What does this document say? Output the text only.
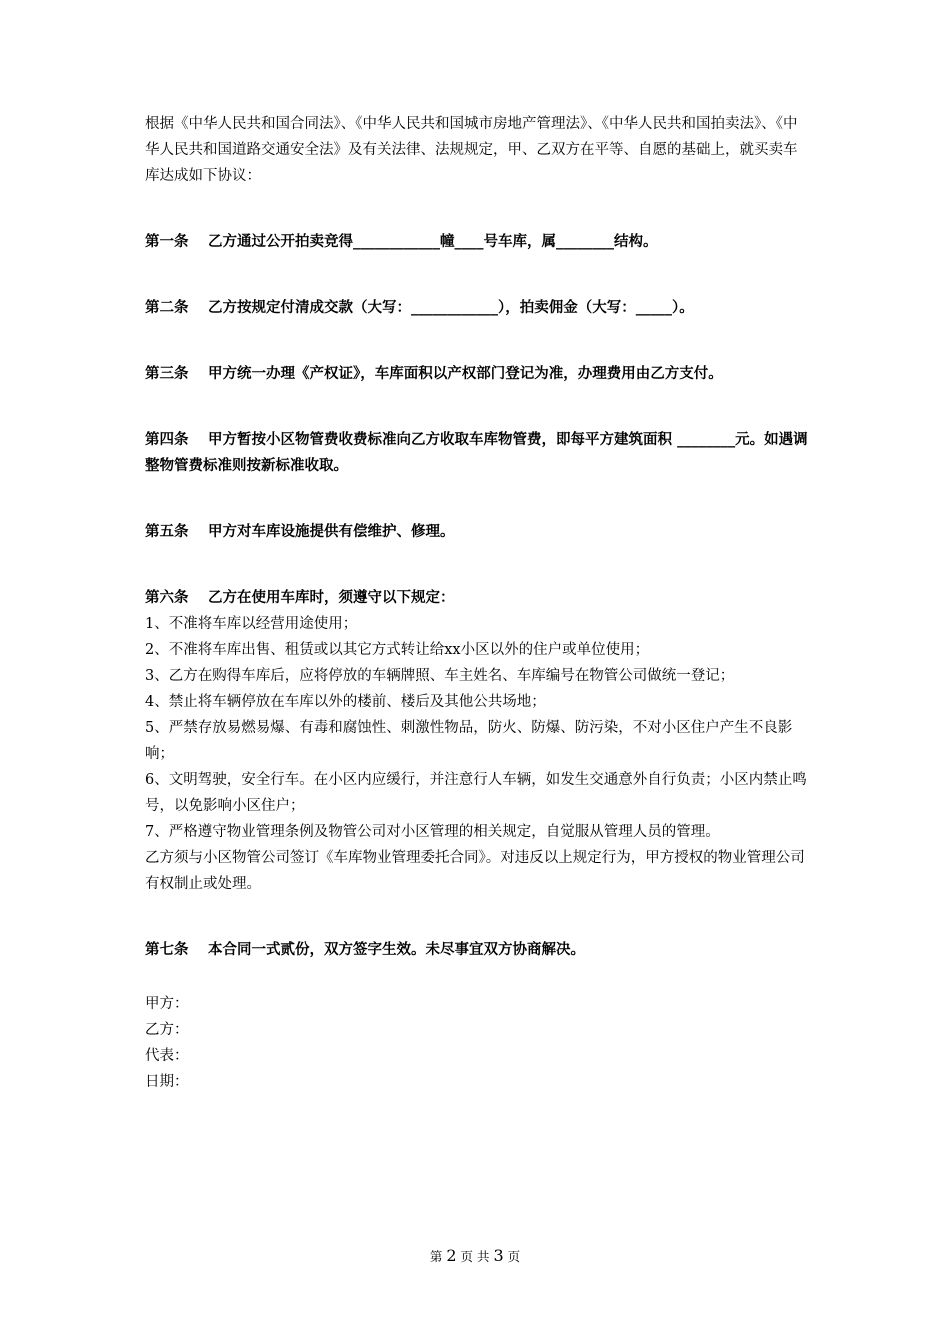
根据《中华人民共和国合同法》、《中华人民共和国城市房地产管理法》、《中华人民共和国拍卖法》、《中华人民共和国道路交通安全法》及有关法律、法规规定，甲、乙双方在平等、自愿的基础上，就买卖车库达成如下协议：

第一条　 乙方通过公开拍卖竞得____________幢____号车库，属________结构。

第二条　 乙方按规定付清成交款（大写：____________），拍卖佣金（大写：_____）。

第三条　 甲方统一办理《产权证》，车库面积以产权部门登记为准，办理费用由乙方支付。

第四条　 甲方暂按小区物管费收费标准向乙方收取车库物管费，即每平方建筑面积 ________元。如遇调整物管费标准则按新标准收取。

第五条　 甲方对车库设施提供有偿维护、修理。

第六条　 乙方在使用车库时，须遵守以下规定：

1、不准将车库以经营用途使用；

2、不准将车库出售、租赁或以其它方式转让给xx小区以外的住户或单位使用；

3、乙方在购得车库后，应将停放的车辆牌照、车主姓名、车库编号在物管公司做统一登记；

4、禁止将车辆停放在车库以外的楼前、楼后及其他公共场地；

5、严禁存放易燃易爆、有毒和腐蚀性、刺激性物品，防火、防爆、防污染，不对小区住户产生不良影响；

6、文明驾驶，安全行车。在小区内应缓行，并注意行人车辆，如发生交通意外自行负责；小区内禁止鸣号，以免影响小区住户；

7、严格遵守物业管理条例及物管公司对小区管理的相关规定，自觉服从管理人员的管理。

乙方须与小区物管公司签订《车库物业管理委托合同》。对违反以上规定行为，甲方授权的物业管理公司有权制止或处理。

第七条　 本合同一式贰份，双方签字生效。未尽事宜双方协商解决。

甲方：

乙方：

代表：

日期：

第 2 页 共 3 页
